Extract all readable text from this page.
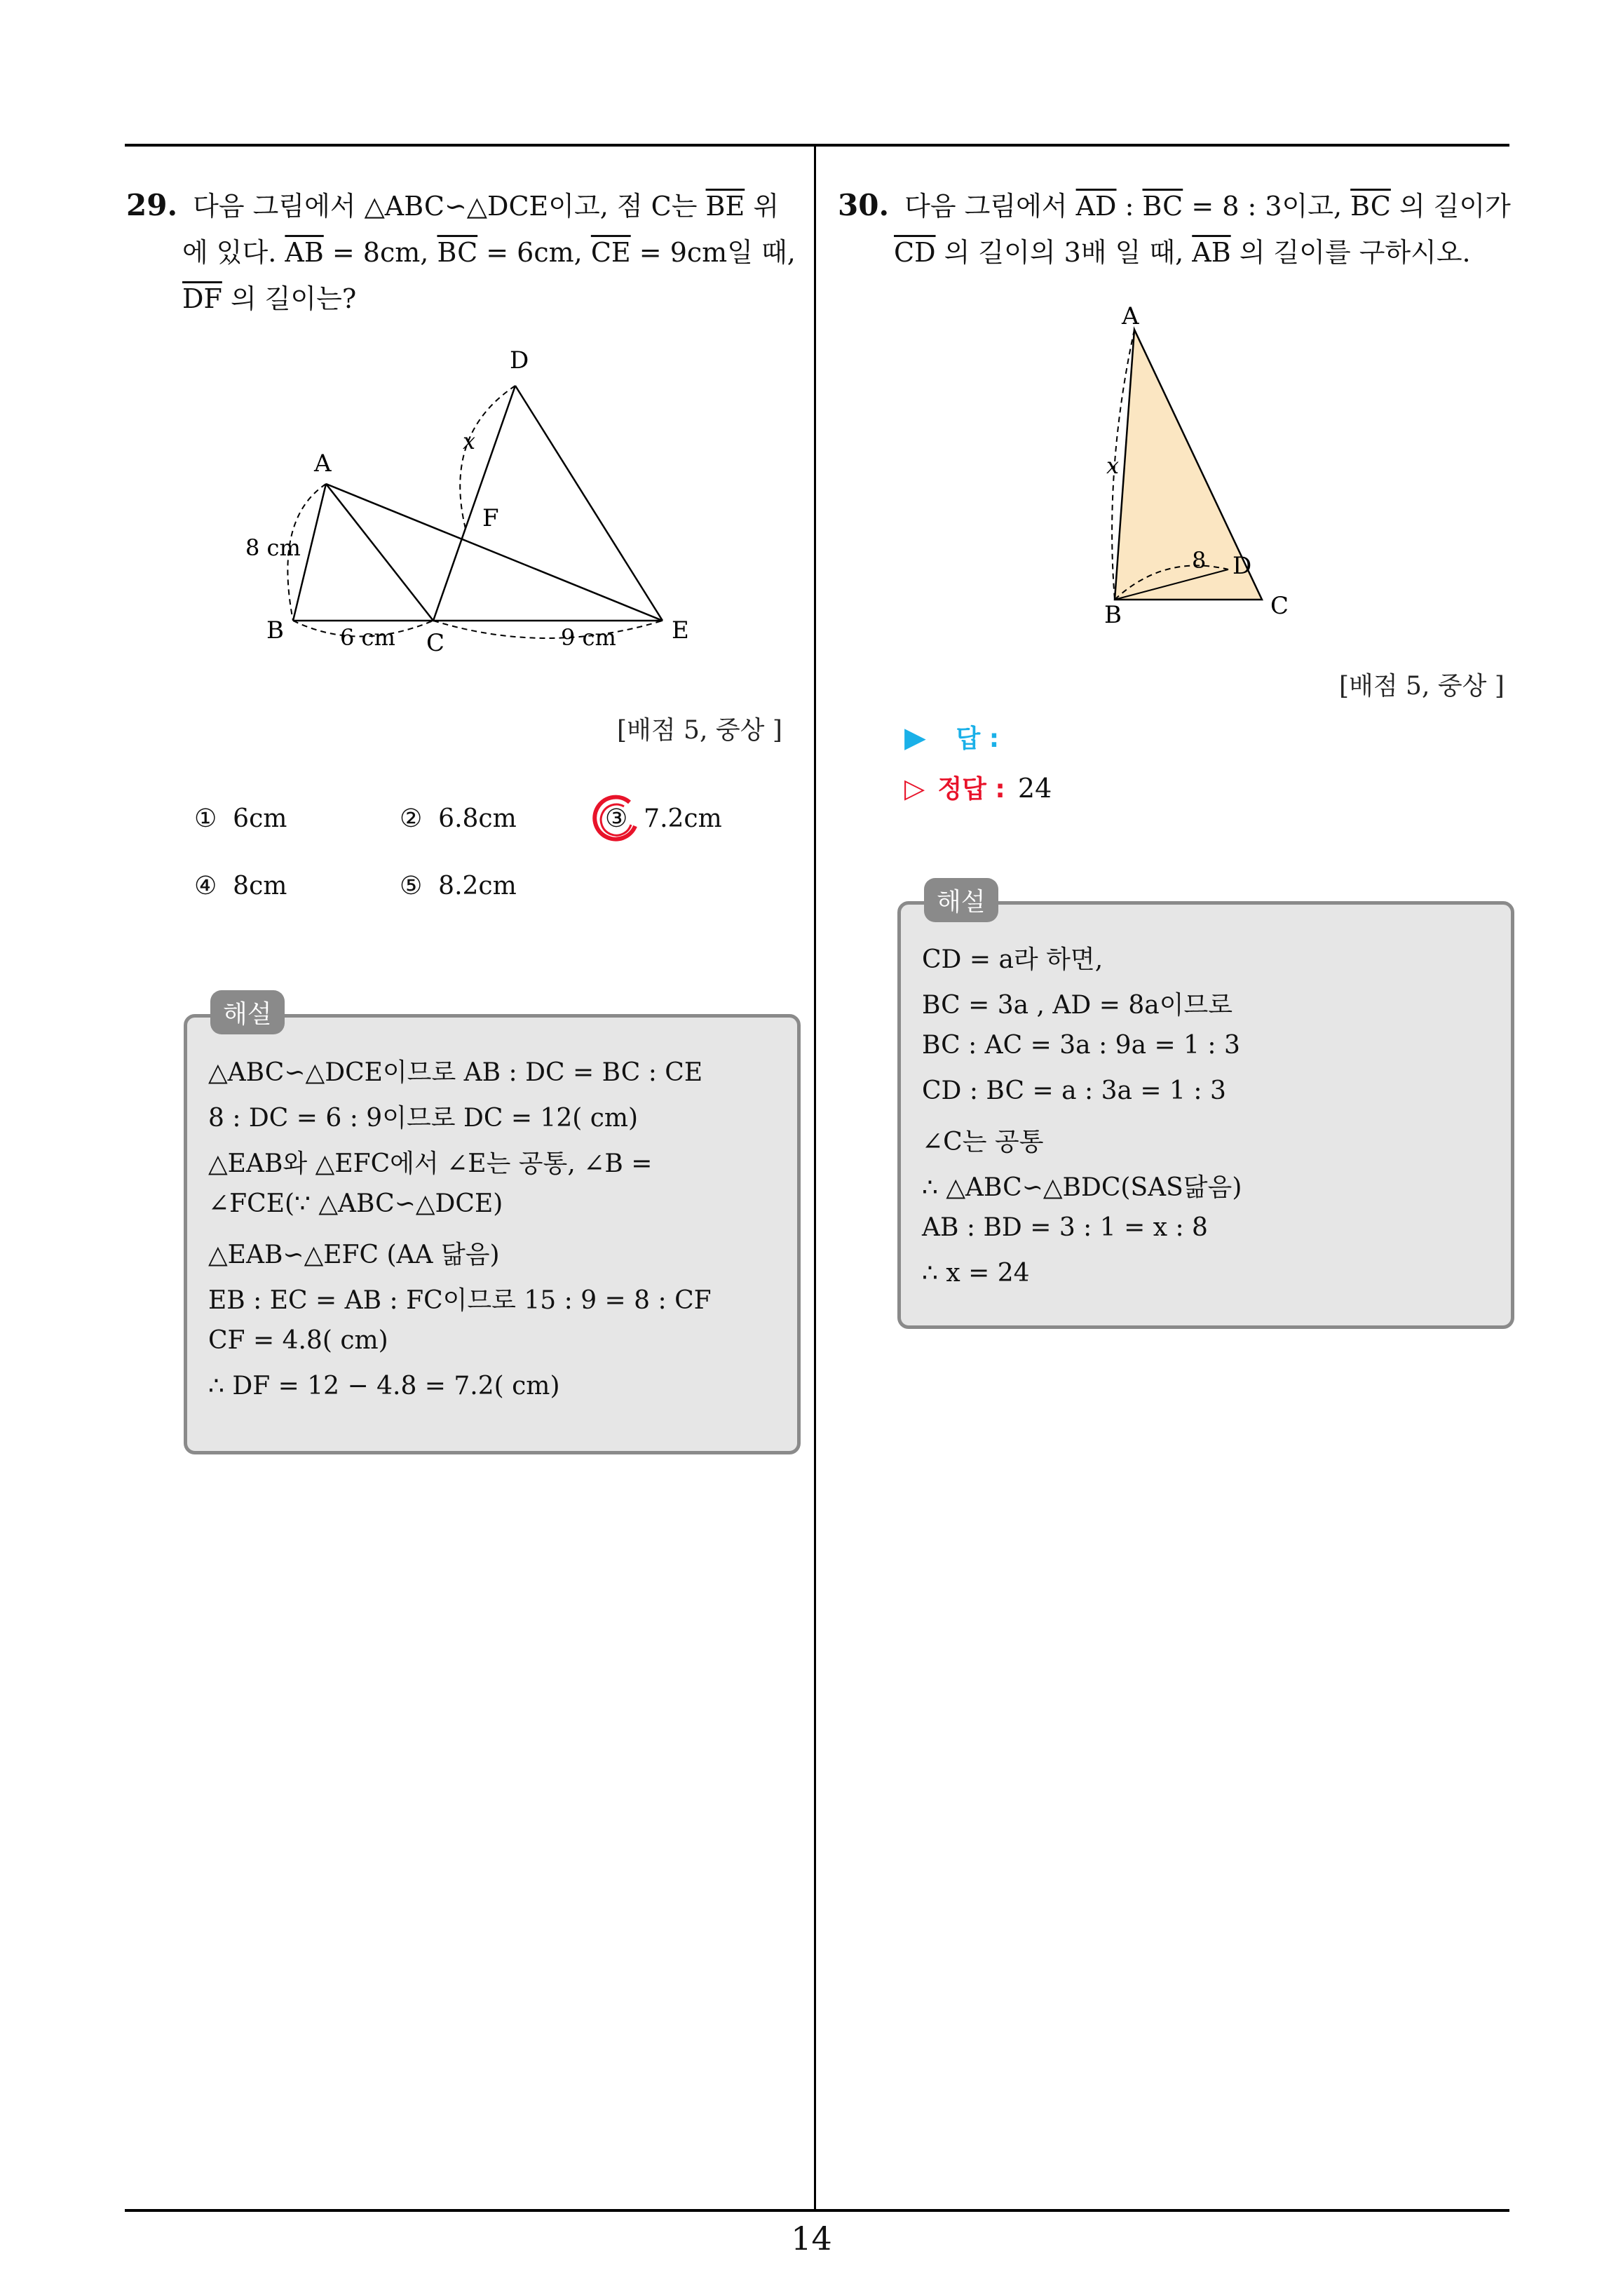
29. 다음 그림에서 △ABC∽△DCE이고, 점 C는 $\overline{BE}$ 위
에 있다. $\overline{AB} = 8cm$, $\overline{BC} = 6cm$, $\overline{CE} = 9cm$일 때,
$\overline{DF}$ 의 길이는?
D
A
F
x
8 cm
B	6 cm C	9 cm E
[배점 5, 중상 ]
① 6cm	② 6.8cm	③ 7.2cm
④ 8cm	⑤ 8.2cm
△ABC∽△DCE이므로 AB : DC = BC : CE
8 : DC = 6 : 9이므로 DC = 12( cm)
△EAB와 △EFC에서 ∠E는 공통, ∠B =
∠FCE(∵ △ABC∽△DCE)
△EAB∽△EFC (AA 닮음)
EB : EC = AB : FC이므로 15 : 9 = 8 : CF
CF = 4.8( cm)
∴ DF = 12 − 4.8 = 7.2( cm)
해설
30. 다음 그림에서 $\overline{AD}$ : $\overline{BC} = 8$ : 3이고, $\overline{BC}$ 의 길이가
$\overline{CD}$ 의 길이의 3배 일 때, $\overline{AB}$ 의 길이를 구하시오.
A
x
8 D
B	C
[배점 5, 중상 ]
▶ 답 :
▷ 정답 : 24
CD = a라 하면,
BC = 3a , AD = 8a이므로
BC : AC = 3a : 9a = 1 : 3
CD : BC = a : 3a = 1 : 3
∠C는 공통
∴ △ABC∽△BDC(SAS닮음)
AB : BD = 3 : 1 = x : 8
∴ x = 24
해설
14
